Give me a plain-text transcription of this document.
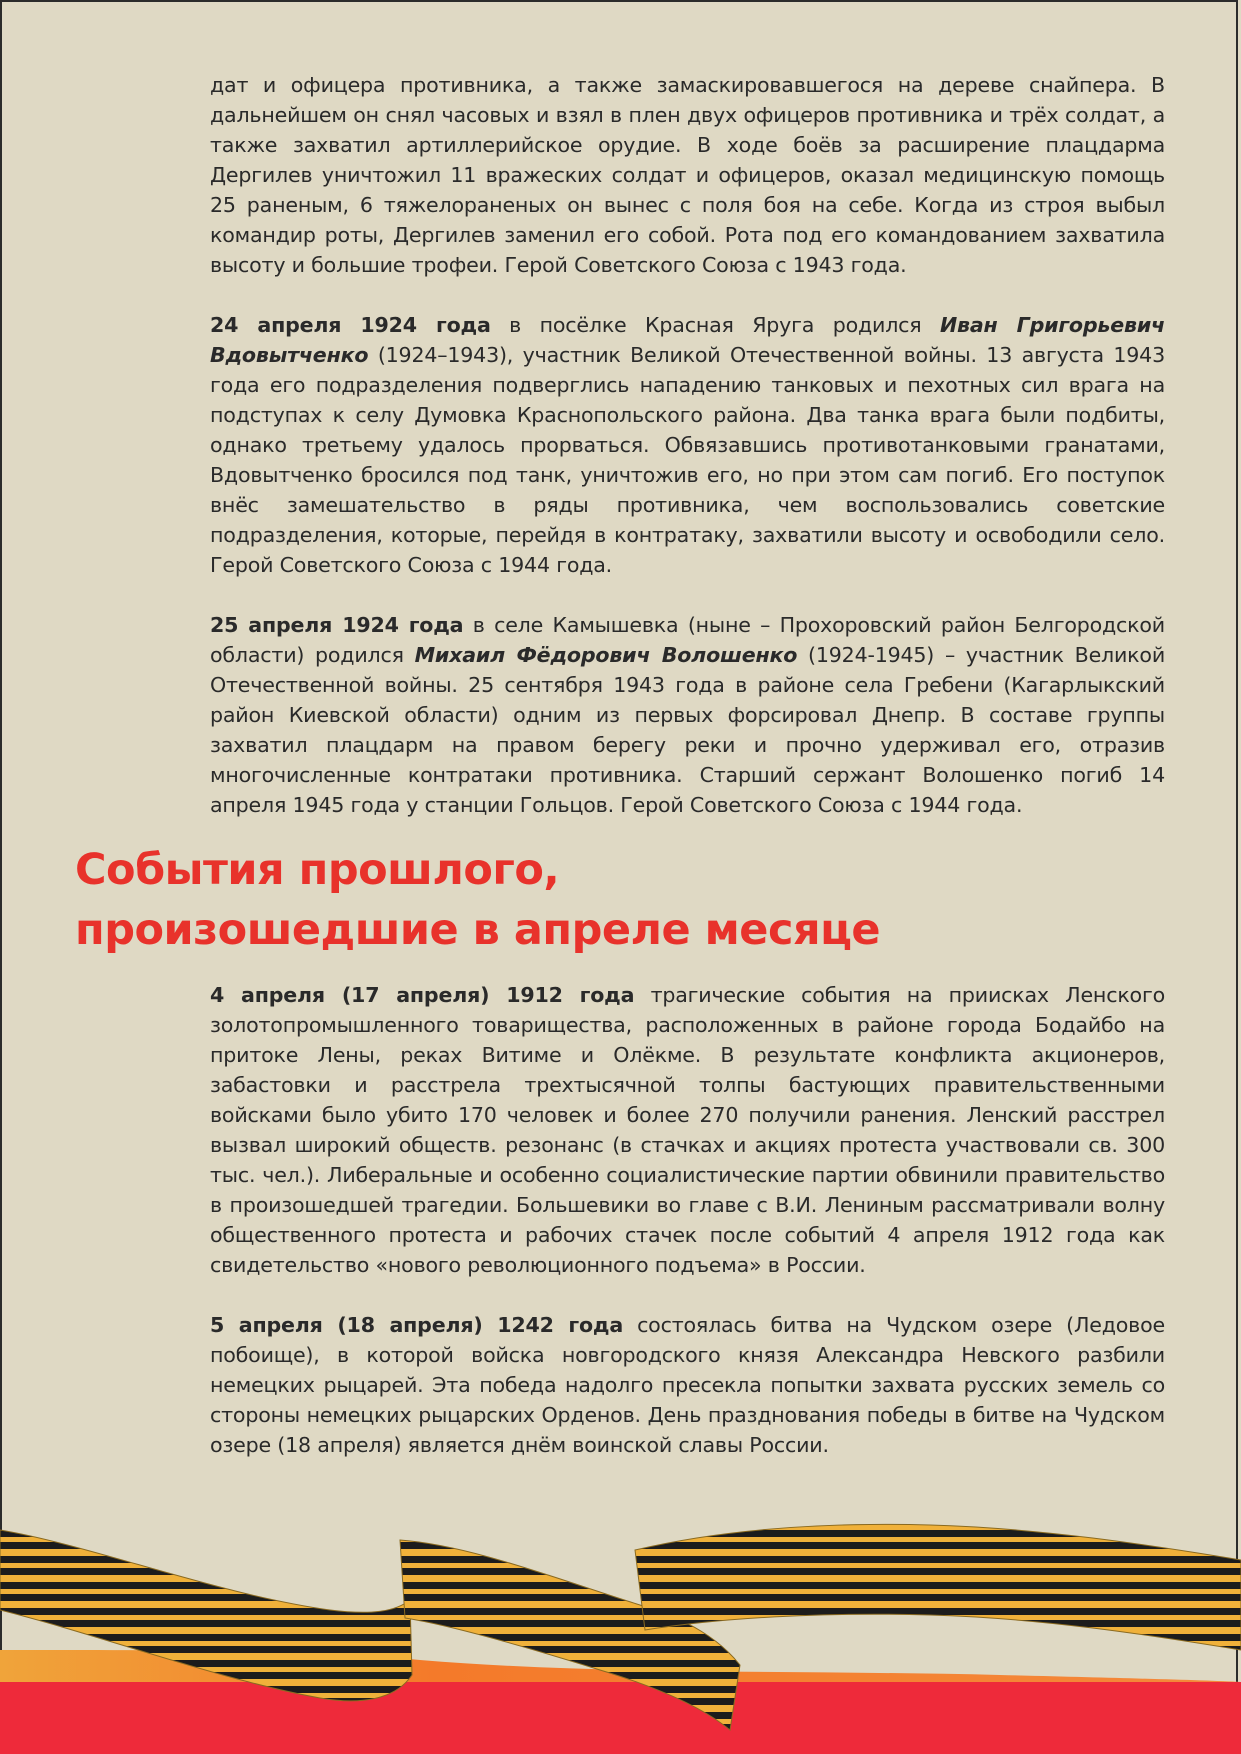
дат и офицера противника, а также замаскировавшегося на дереве снайпера. В дальнейшем он снял часовых и взял в плен двух офицеров противника и трёх солдат, а также захватил артиллерийское орудие. В ходе боёв за расширение плацдарма Дергилев уничтожил 11 вражеских солдат и офицеров, оказал медицинскую помощь 25 раненым, 6 тяжелораненых он вынес с поля боя на себе. Когда из строя выбыл командир роты, Дергилев заменил его собой. Рота под его командованием захватила высоту и большие трофеи. Герой Советского Союза с 1943 года.

24 апреля 1924 года в посёлке Красная Яруга родился Иван Григорьевич Вдовытченко (1924–1943), участник Великой Отечественной войны. 13 августа 1943 года его подразделения подверглись нападению танковых и пехотных сил врага на подступах к селу Думовка Краснопольского района. Два танка врага были подбиты, однако третьему удалось прорваться. Обвязавшись противотанковыми гранатами, Вдовытченко бросился под танк, уничтожив его, но при этом сам погиб. Его поступок внёс замешательство в ряды противника, чем воспользовались советские подразделения, которые, перейдя в контратаку, захватили высоту и освободили село. Герой Советского Союза с 1944 года.

25 апреля 1924 года в селе Камышевка (ныне – Прохоровский район Белгородской области) родился Михаил Фёдорович Волошенко (1924-1945) – участник Великой Отечественной войны. 25 сентября 1943 года в районе села Гребени (Кагарлыкский район Киевской области) одним из первых форсировал Днепр. В составе группы захватил плацдарм на правом берегу реки и прочно удерживал его, отразив многочисленные контратаки противника. Старший сержант Волошенко погиб 14 апреля 1945 года у станции Гольцов. Герой Советского Союза с 1944 года.

События прошлого,
произошедшие в апреле месяце

4 апреля (17 апреля) 1912 года трагические события на приисках Ленского золотопромышленного товарищества, расположенных в районе города Бодайбо на притоке Лены, реках Витиме и Олёкме. В результате конфликта акционеров, забастовки и расстрела трехтысячной толпы бастующих правительственными войсками было убито 170 человек и более 270 получили ранения. Ленский расстрел вызвал широкий обществ. резонанс (в стачках и акциях протеста участвовали св. 300 тыс. чел.). Либеральные и особенно социалистические партии обвинили правительство в произошедшей трагедии. Большевики во главе с В.И. Лениным рассматривали волну общественного протеста и рабочих стачек после событий 4 апреля 1912 года как свидетельство «нового революционного подъема» в России.

5 апреля (18 апреля) 1242 года состоялась битва на Чудском озере (Ледовое побоище), в которой войска новгородского князя Александра Невского разбили немецких рыцарей. Эта победа надолго пресекла попытки захвата русских земель со стороны немецких рыцарских Орденов. День празднования победы в битве на Чудском озере (18 апреля) является днём воинской славы России.
